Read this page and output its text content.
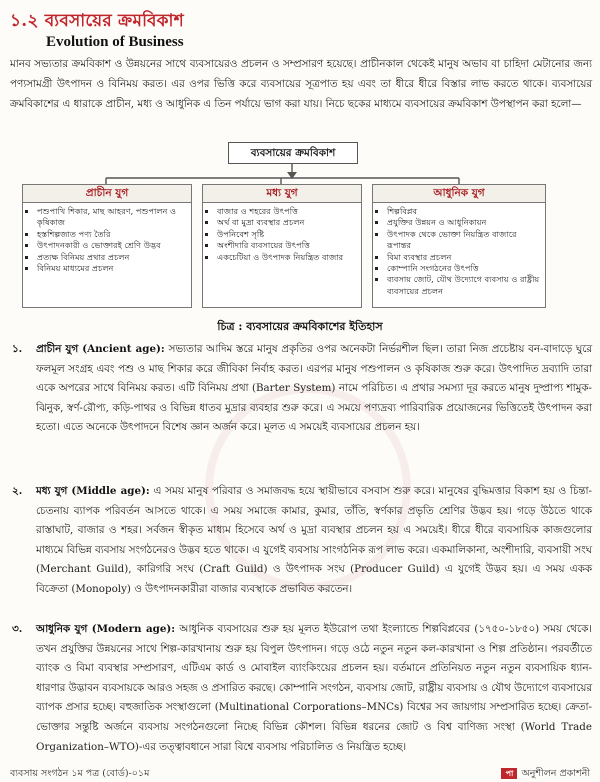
১.২ ব্যবসায়ের ক্রমবিকাশ
Evolution of Business
মানব সভ্যতার ক্রমবিকাশ ও উন্নয়নের সাথে ব্যবসায়েরও প্রচলন ও সম্প্রসারণ হয়েছে। প্রাচীনকাল থেকেই মানুষ অভাব বা চাহিদা মেটানোর জন্য পণ্যসামগ্রী উৎপাদন ও বিনিময় করত। এর ওপর ভিত্তি করে ব্যবসায়ের সূত্রপাত হয় এবং তা ধীরে ধীরে বিস্তার লাভ করতে থাকে। ব্যবসায়ের ক্রমবিকাশের এ ধারাকে প্রাচীন, মধ্য ও আধুনিক এ তিন পর্যায়ে ভাগ করা যায়। নিচে ছকের মাধ্যমে ব্যবসায়ের ক্রমবিকাশ উপস্থাপন করা হলো—
ব্যবসায়ের ক্রমবিকাশ
প্রাচীন যুগ
▪ পশুপাখি শিকার, মাছ আহরণ, পশুপালন ও কৃষিকাজ
▪ হস্তশিল্পজাত পণ্য তৈরি
▪ উৎপাদনকারী ও ভোক্তারই শ্রেণি উদ্ভব
▪ প্রত্যক্ষ বিনিময় প্রথার প্রচলন
▪ বিনিময় মাধ্যমের প্রচলন
মধ্য যুগ
▪ বাজার ও শহরের উৎপত্তি
▪ অর্থ বা মুদ্রা ব্যবস্থার প্রচলন
▪ উপনিবেশ সৃষ্টি
▪ অংশীদারি ব্যবসায়ের উৎপত্তি
▪ একচেটিয়া ও উৎপাদক নিয়ন্ত্রিত বাজার
আধুনিক যুগ
▪ শিল্পবিপ্লব
▪ প্রযুক্তির উন্নয়ন ও আধুনিকায়ন
▪ উৎপাদক থেকে ভোক্তা নিয়ন্ত্রিত বাজারে রূপান্তর
▪ বিমা ব্যবস্থার প্রচলন
▪ কোম্পানি সংগঠনের উৎপত্তি
▪ ব্যবসায় জোট, যৌথ উদ্যোগে ব্যবসায় ও রাষ্ট্রীয় ব্যবসায়ের প্রচলন
চিত্র : ব্যবসায়ের ক্রমবিকাশের ইতিহাস
১. প্রাচীন যুগ (Ancient age): সভ্যতার আদিম স্তরে মানুষ প্রকৃতির ওপর অনেকটা নির্ভরশীল ছিল। তারা নিজ প্রচেষ্টায় বন-বাদাড়ে ঘুরে ফলমূল সংগ্রহ এবং পশু ও মাছ শিকার করে জীবিকা নির্বাহ করত। এরপর মানুষ পশুপালন ও কৃষিকাজ শুরু করে। উৎপাদিত দ্রব্যাদি তারা একে অপরের সাথে বিনিময় করত। এটি বিনিময় প্রথা (Barter System) নামে পরিচিত। এ প্রথার সমস্যা দূর করতে মানুষ দুষ্প্রাপ্য শামুক-ঝিনুক, স্বর্ণ-রৌপ্য, কড়ি-পাথর ও বিভিন্ন ধাতব মুদ্রার ব্যবহার শুরু করে। এ সময়ে পণ্যদ্রব্য পারিবারিক প্রয়োজনের ভিত্তিতেই উৎপাদন করা হতো। এতে অনেকে উৎপাদনে বিশেষ জ্ঞান অর্জন করে। মূলত এ সময়েই ব্যবসায়ের প্রচলন হয়।
২. মধ্য যুগ (Middle age): এ সময় মানুষ পরিবার ও সমাজবদ্ধ হয়ে স্থায়ীভাবে বসবাস শুরু করে। মানুষের বুদ্ধিমত্তার বিকাশ হয় ও চিন্তা-চেতনায় ব্যাপক পরিবর্তন আসতে থাকে। এ সময় সমাজে কামার, কুমার, তাঁতি, স্বর্ণকার প্রভৃতি শ্রেণির উদ্ভব হয়। গড়ে উঠতে থাকে রাস্তাঘাট, বাজার ও শহর। সর্বজন স্বীকৃত মাধ্যম হিসেবে অর্থ ও মুদ্রা ব্যবস্থার প্রচলন হয় এ সময়েই। ধীরে ধীরে ব্যবসায়িক কাজগুলোর মাধ্যমে বিভিন্ন ব্যবসায় সংগঠনেরও উদ্ভব হতে থাকে। এ যুগেই ব্যবসায় সাংগঠনিক রূপ লাভ করে। একমালিকানা, অংশীদারি, ব্যবসায়ী সংঘ (Merchant Guild), কারিগরি সংঘ (Craft Guild) ও উৎপাদক সংঘ (Producer Guild) এ যুগেই উদ্ভব হয়। এ সময় একক বিক্রেতা (Monopoly) ও উৎপাদনকারীরা বাজার ব্যবস্থাকে প্রভাবিত করতেন।
৩. আধুনিক যুগ (Modern age): আধুনিক ব্যবসায়ের শুরু হয় মূলত ইউরোপ তথা ইংল্যান্ডে শিল্পবিপ্লবের (১৭৫০-১৮৫০) সময় থেকে। তখন প্রযুক্তির উন্নয়নের সাথে শিল্প-কারখানায় শুরু হয় বিপুল উৎপাদন। গড়ে ওঠে নতুন নতুন কল-কারখানা ও শিল্প প্রতিষ্ঠান। পরবর্তীতে ব্যাংক ও বিমা ব্যবস্থার সম্প্রসারণ, এটিএম কার্ড ও মোবাইল ব্যাংকিংয়ের প্রচলন হয়। বর্তমানে প্রতিনিয়ত নতুন নতুন ব্যবসায়িক ধ্যান-ধারণার উদ্ভাবন ব্যবসায়কে আরও সহজ ও প্রসারিত করছে। কোম্পানি সংগঠন, ব্যবসায় জোট, রাষ্ট্রীয় ব্যবসায় ও যৌথ উদ্যোগে ব্যবসায়ের ব্যাপক প্রসার হচ্ছে। বহুজাতিক সংস্থাগুলো (Multinational Corporations–MNCs) বিশ্বের সব জায়গায় সম্প্রসারিত হচ্ছে। ক্রেতা-ভোক্তার সন্তুষ্টি অর্জনে ব্যবসায় সংগঠনগুলো নিচ্ছে বিভিন্ন কৌশল। বিভিন্ন ধরনের জোট ও বিশ্ব বাণিজ্য সংস্থা (World Trade Organization–WTO)-এর তত্ত্বাবধানে সারা বিশ্বে ব্যবসায় পরিচালিত ও নিয়ন্ত্রিত হচ্ছে।
ব্যবসায় সংগঠন ১ম পত্র (বোর্ড)-০১ম	পা অনুশীলন প্রকাশনী
